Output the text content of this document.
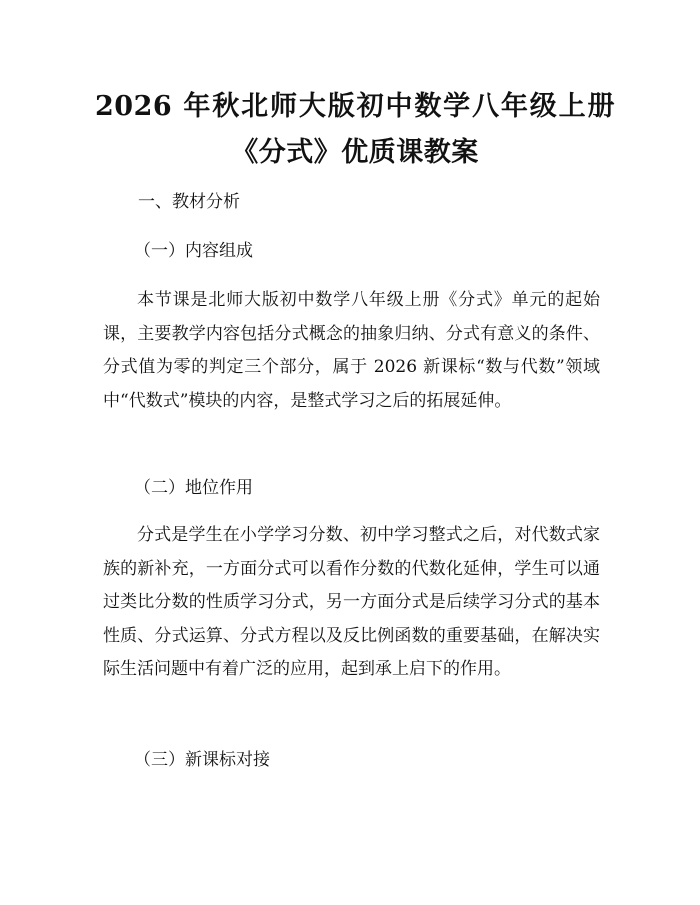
2026 年秋北师大版初中数学八年级上册《分式》优质课教案

一、教材分析

（一）内容组成

本节课是北师大版初中数学八年级上册《分式》单元的起始课，主要教学内容包括分式概念的抽象归纳、分式有意义的条件、分式值为零的判定三个部分，属于 2026 新课标“数与代数”领域中“代数式”模块的内容，是整式学习之后的拓展延伸。

（二）地位作用

分式是学生在小学学习分数、初中学习整式之后，对代数式家族的新补充，一方面分式可以看作分数的代数化延伸，学生可以通过类比分数的性质学习分式，另一方面分式是后续学习分式的基本性质、分式运算、分式方程以及反比例函数的重要基础，在解决实际生活问题中有着广泛的应用，起到承上启下的作用。

（三）新课标对接
